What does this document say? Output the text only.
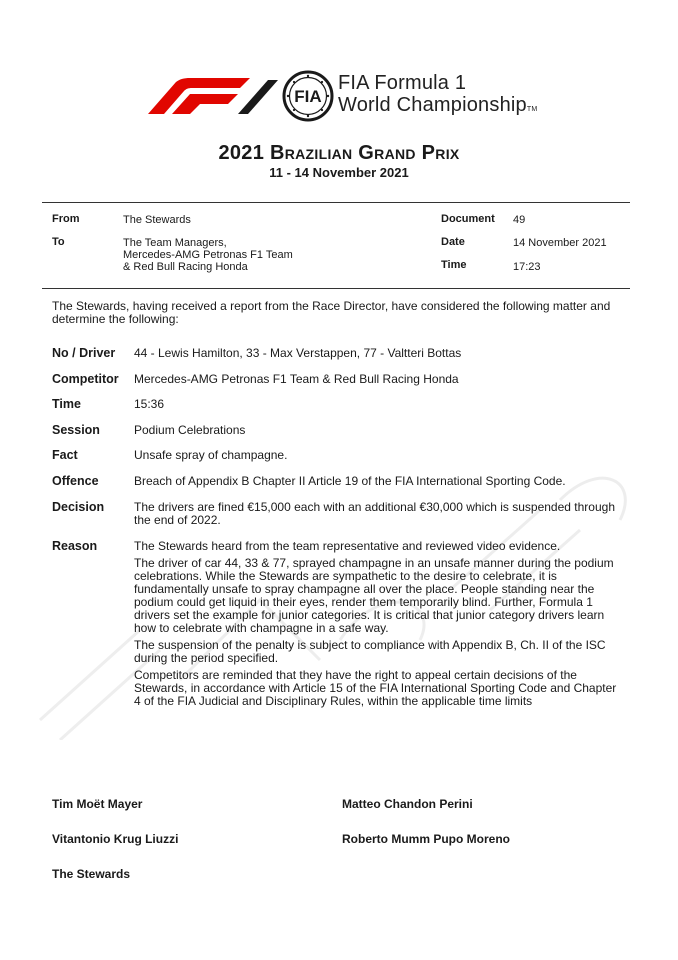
FIA
FIA Formula 1
World ChampionshipTM
2021 Brazilian Grand Prix
11 - 14 November 2021
From	The Stewards
To	The Team Managers,
Mercedes-AMG Petronas F1 Team
& Red Bull Racing Honda
Document 49
Date	14 November 2021
Time	17:23
The Stewards, having received a report from the Race Director, have considered the following matter and determine the following:
No / Driver 44 - Lewis Hamilton, 33 - Max Verstappen, 77 - Valtteri Bottas
Competitor Mercedes-AMG Petronas F1 Team & Red Bull Racing Honda
Time	15:36
Session	Podium Celebrations
Fact	Unsafe spray of champagne.
Offence	Breach of Appendix B Chapter II Article 19 of the FIA International Sporting Code.
Decision The drivers are fined €15,000 each with an additional €30,000 which is suspended through the end of 2022.
Reason	The Stewards heard from the team representative and reviewed video evidence.

The driver of car 44, 33 & 77, sprayed champagne in an unsafe manner during the podium celebrations. While the Stewards are sympathetic to the desire to celebrate, it is fundamentally unsafe to spray champagne all over the place. People standing near the podium could get liquid in their eyes, render them temporarily blind. Further, Formula 1 drivers set the example for junior categories. It is critical that junior category drivers learn how to celebrate with champagne in a safe way.

The suspension of the penalty is subject to compliance with Appendix B, Ch. II of the ISC during the period specified.

Competitors are reminded that they have the right to appeal certain decisions of the Stewards, in accordance with Article 15 of the FIA International Sporting Code and Chapter 4 of the FIA Judicial and Disciplinary Rules, within the applicable time limits

Tim Moët Mayer	Matteo Chandon Perini
Vitantonio Krug Liuzzi	Roberto Mumm Pupo Moreno
The Stewards
